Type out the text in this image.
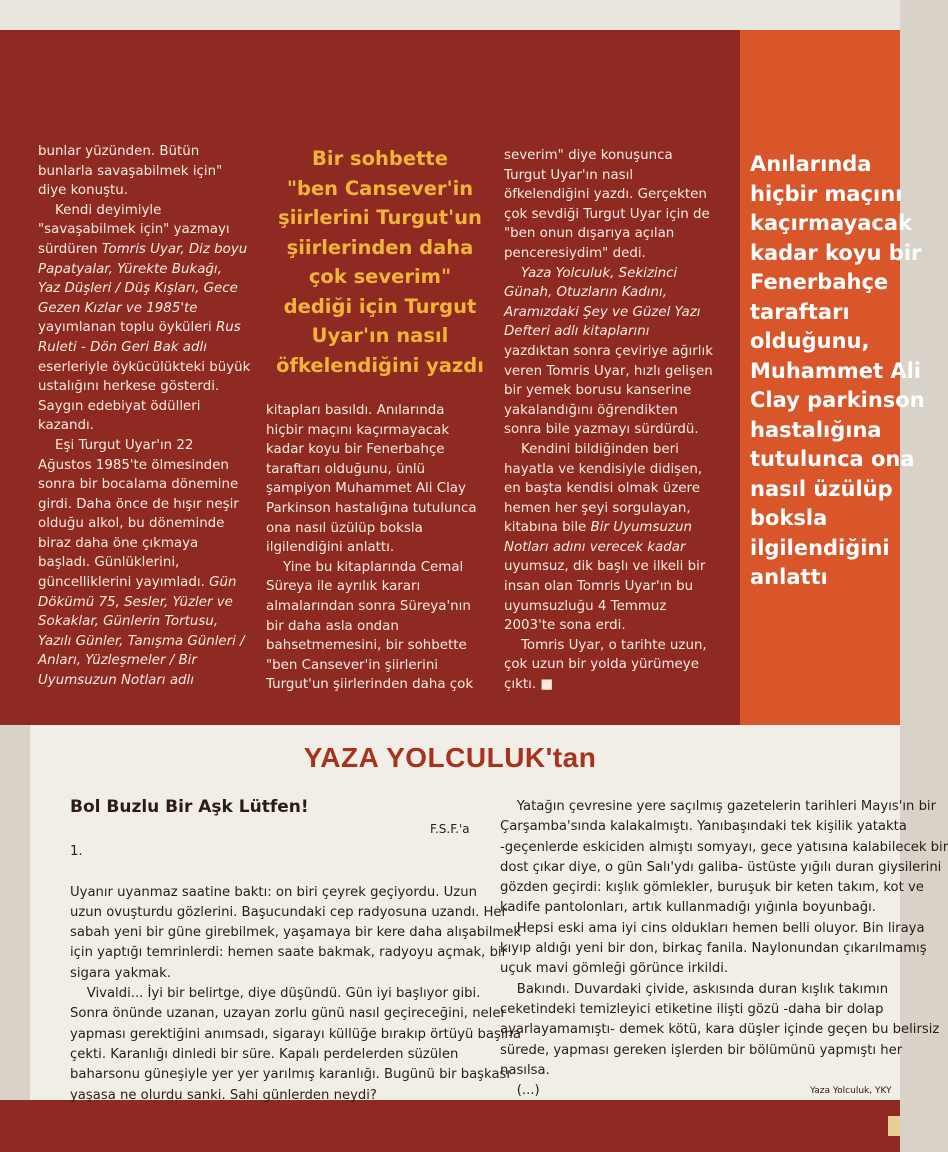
bunlar yüzünden. Bütün
bunlarla savaşabilmek için"
diye konuştu.
Kendi deyimiyle
"savaşabilmek için" yazmayı
sürdüren Tomris Uyar, Diz boyu
Papatyalar, Yürekte Bukağı,
Yaz Düşleri / Düş Kışları, Gece
Gezen Kızlar ve 1985'te
yayımlanan toplu öyküleri Rus
Ruleti - Dön Geri Bak adlı
eserleriyle öykücülükteki büyük
ustalığını herkese gösterdi.
Saygın edebiyat ödülleri
kazandı.
Eşi Turgut Uyar'ın 22
Ağustos 1985'te ölmesinden
sonra bir bocalama dönemine
girdi. Daha önce de hışır neşir
olduğu alkol, bu döneminde
biraz daha öne çıkmaya
başladı. Günlüklerini,
güncelliklerini yayımladı. Gün
Dökümü 75, Sesler, Yüzler ve
Sokaklar, Günlerin Tortusu,
Yazılı Günler, Tanışma Günleri /
Anları, Yüzleşmeler / Bir
Uyumsuzun Notları adlı
Bir sohbette
"ben Cansever'in
şiirlerini Turgut'un
şiirlerinden daha
çok severim"
dediği için Turgut
Uyar'ın nasıl
öfkelendiğini yazdı
kitapları basıldı. Anılarında
hiçbir maçını kaçırmayacak
kadar koyu bir Fenerbahçe
taraftarı olduğunu, ünlü
şampiyon Muhammet Ali Clay
Parkinson hastalığına tutulunca
ona nasıl üzülüp boksla
ilgilendiğini anlattı.
Yine bu kitaplarında Cemal
Süreya ile ayrılık kararı
almalarından sonra Süreya'nın
bir daha asla ondan
bahsetmemesini, bir sohbette
"ben Cansever'in şiirlerini
Turgut'un şiirlerinden daha çok
severim" diye konuşunca
Turgut Uyar'ın nasıl
öfkelendiğini yazdı. Gerçekten
çok sevdiği Turgut Uyar için de
"ben onun dışarıya açılan
penceresiydim" dedi.
Yaza Yolculuk, Sekizinci
Günah, Otuzların Kadını,
Aramızdaki Şey ve Güzel Yazı
Defteri adlı kitaplarını
yazdıktan sonra çeviriye ağırlık
veren Tomris Uyar, hızlı gelişen
bir yemek borusu kanserine
yakalandığını öğrendikten
sonra bile yazmayı sürdürdü.
Kendini bildiğinden beri
hayatla ve kendisiyle didişen,
en başta kendisi olmak üzere
hemen her şeyi sorgulayan,
kitabına bile Bir Uyumsuzun
Notları adını verecek kadar
uyumsuz, dik başlı ve ilkeli bir
insan olan Tomris Uyar'ın bu
uyumsuzluğu 4 Temmuz
2003'te sona erdi.
Tomris Uyar, o tarihte uzun,
çok uzun bir yolda yürümeye
çıktı. ■
Anılarında
hiçbir maçını
kaçırmayacak
kadar koyu bir
Fenerbahçe
taraftarı
olduğunu,
Muhammet Ali
Clay parkinson
hastalığına
tutulunca ona
nasıl üzülüp
boksla
ilgilendiğini
anlattı
YAZA YOLCULUK'tan
Bol Buzlu Bir Aşk Lütfen!
F.S.F.'a
1.
Uyanır uyanmaz saatine baktı: on biri çeyrek geçiyordu. Uzun
uzun ovuşturdu gözlerini. Başucundaki cep radyosuna uzandı. Her
sabah yeni bir güne girebilmek, yaşamaya bir kere daha alışabilmek
için yaptığı temrinlerdi: hemen saate bakmak, radyoyu açmak, bir
sigara yakmak.
Vivaldi... İyi bir belirtge, diye düşündü. Gün iyi başlıyor gibi.
Sonra önünde uzanan, uzayan zorlu günü nasıl geçireceğini, neler
yapması gerektiğini anımsadı, sigarayı küllüğe bırakıp örtüyü başına
çekti. Karanlığı dinledi bir süre. Kapalı perdelerden süzülen
baharsonu güneşiyle yer yer yarılmış karanlığı. Bugünü bir başkası
yaşasa ne olurdu sanki. Sahi günlerden neydi?
Yatağın çevresine yere saçılmış gazetelerin tarihleri Mayıs'ın bir
Çarşamba'sında kalakalmıştı. Yanıbaşındaki tek kişilik yatakta
-geçenlerde eskiciden almıştı somyayı, gece yatısına kalabilecek bir
dost çıkar diye, o gün Salı'ydı galiba- üstüste yığılı duran giysilerini
gözden geçirdi: kışlık gömlekler, buruşuk bir keten takım, kot ve
kadife pantolonları, artık kullanmadığı yığınla boyunbağı.
Hepsi eski ama iyi cins oldukları hemen belli oluyor. Bin liraya
kıyıp aldığı yeni bir don, birkaç fanila. Naylonundan çıkarılmamış
uçuk mavi gömleği görünce irkildi.
Bakındı. Duvardaki çivide, askısında duran kışlık takımın
ceketindeki temizleyici etiketine ilişti gözü -daha bir dolap
ayarlayamamıştı- demek kötü, kara düşler içinde geçen bu belirsiz
sürede, yapması gereken işlerden bir bölümünü yapmıştı her
nasılsa.
(...)	Yaza Yolculuk, YKY
